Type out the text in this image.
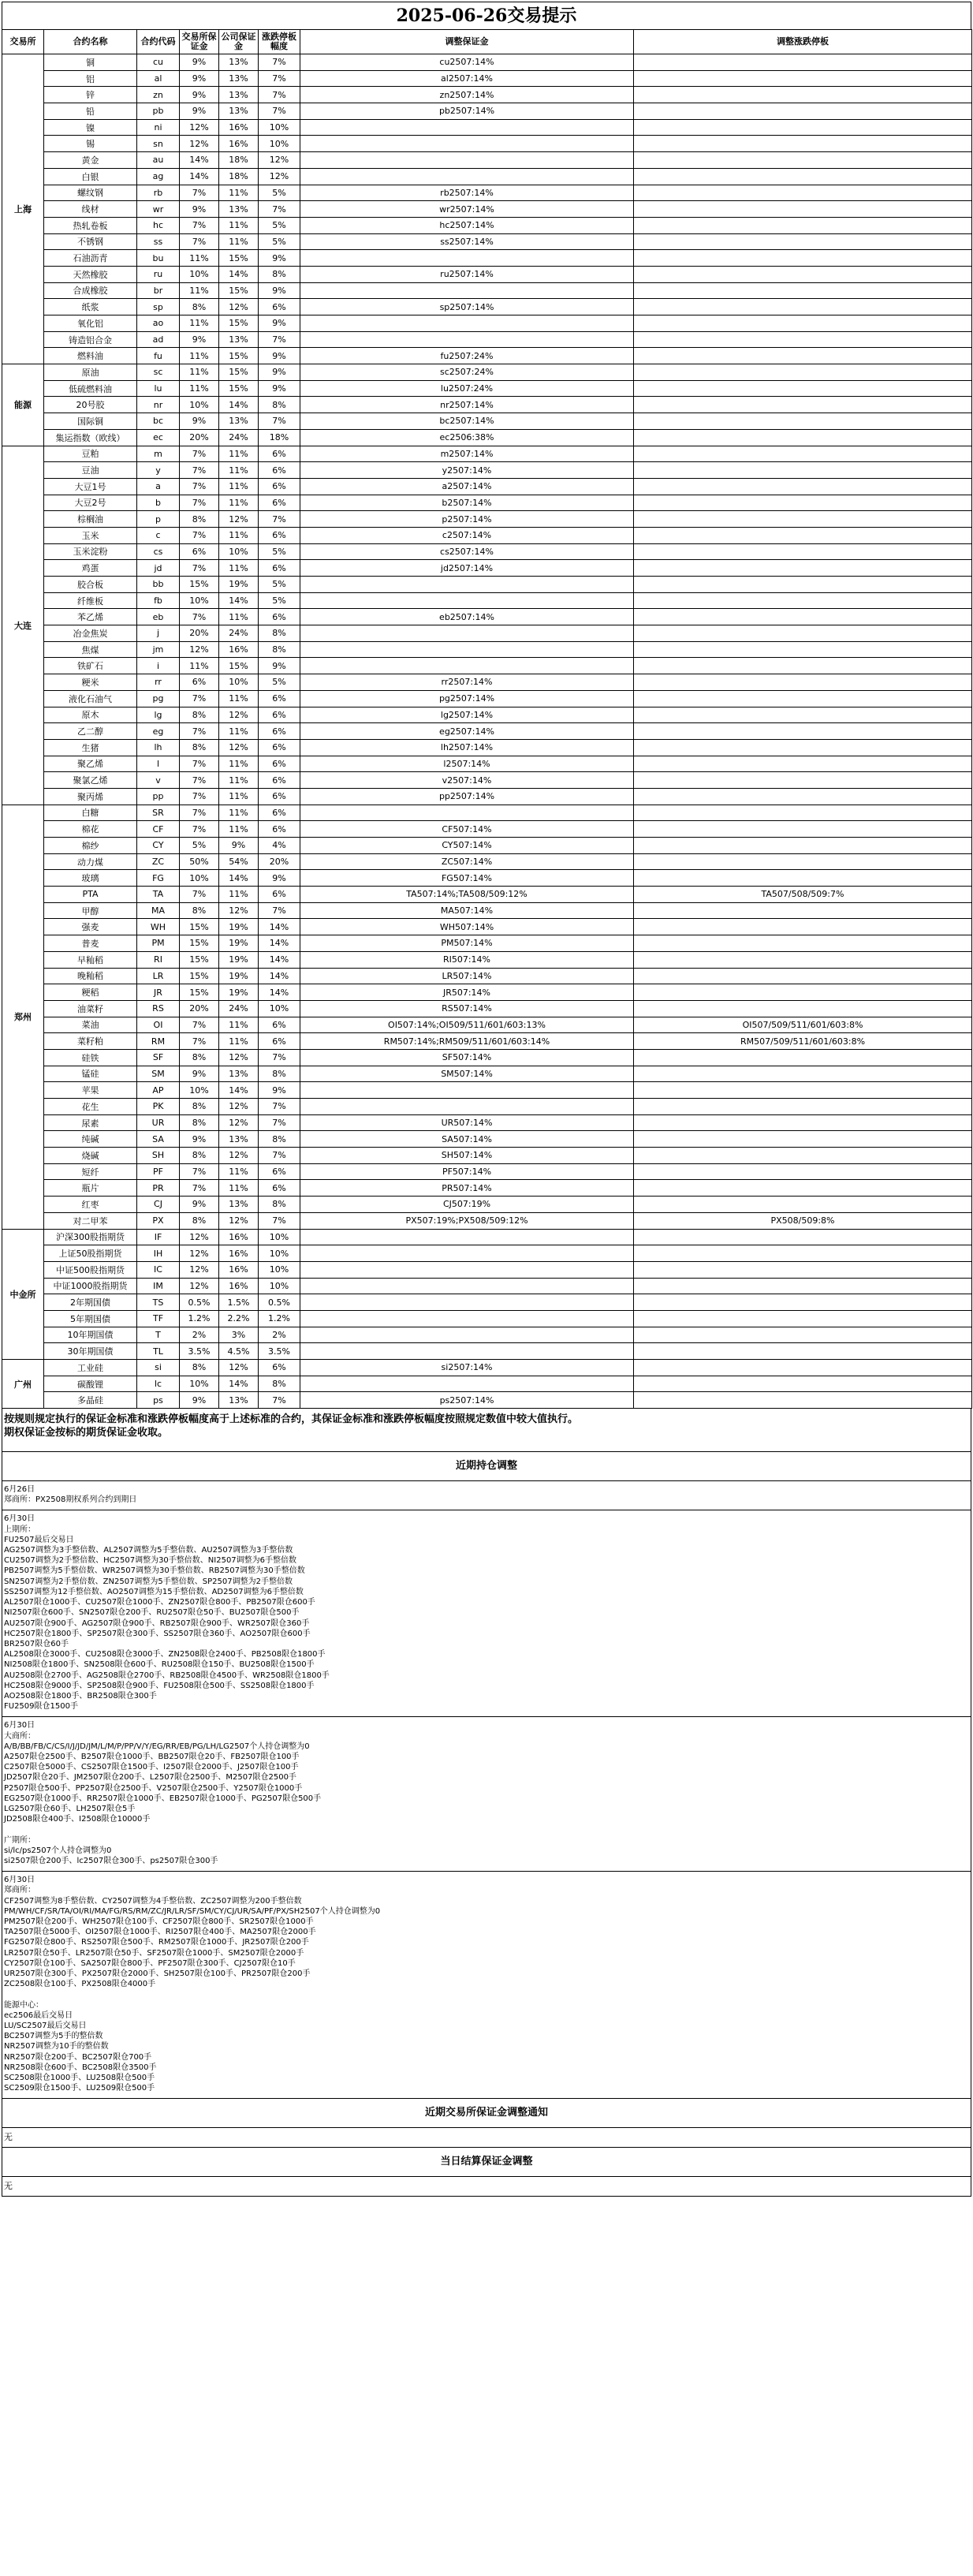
2025-06-26交易提示
交易所	合约名称	合约代码	交易所保证金	公司保证金	涨跌停板幅度	调整保证金	调整涨跌停板
上海	铜	cu	9%	13%	7%	cu2507:14%	
	铝	al	9%	13%	7%	al2507:14%	
	锌	zn	9%	13%	7%	zn2507:14%	
	铅	pb	9%	13%	7%	pb2507:14%	
	镍	ni	12%	16%	10%		
	锡	sn	12%	16%	10%		
	黄金	au	14%	18%	12%		
	白银	ag	14%	18%	12%		
	螺纹钢	rb	7%	11%	5%	rb2507:14%	
	线材	wr	9%	13%	7%	wr2507:14%	
	热轧卷板	hc	7%	11%	5%	hc2507:14%	
	不锈钢	ss	7%	11%	5%	ss2507:14%	
	石油沥青	bu	11%	15%	9%		
	天然橡胶	ru	10%	14%	8%	ru2507:14%	
	合成橡胶	br	11%	15%	9%		
	纸浆	sp	8%	12%	6%	sp2507:14%	
	氧化铝	ao	11%	15%	9%		
	铸造铝合金	ad	9%	13%	7%		
	燃料油	fu	11%	15%	9%	fu2507:24%	
能源	原油	sc	11%	15%	9%	sc2507:24%	
	低硫燃料油	lu	11%	15%	9%	lu2507:24%	
	20号胶	nr	10%	14%	8%	nr2507:14%	
	国际铜	bc	9%	13%	7%	bc2507:14%	
	集运指数（欧线）	ec	20%	24%	18%	ec2506:38%	
大连	豆粕	m	7%	11%	6%	m2507:14%	
	豆油	y	7%	11%	6%	y2507:14%	
	大豆1号	a	7%	11%	6%	a2507:14%	
	大豆2号	b	7%	11%	6%	b2507:14%	
	棕榈油	p	8%	12%	7%	p2507:14%	
	玉米	c	7%	11%	6%	c2507:14%	
	玉米淀粉	cs	6%	10%	5%	cs2507:14%	
	鸡蛋	jd	7%	11%	6%	jd2507:14%	
	胶合板	bb	15%	19%	5%		
	纤维板	fb	10%	14%	5%		
	苯乙烯	eb	7%	11%	6%	eb2507:14%	
	冶金焦炭	j	20%	24%	8%		
	焦煤	jm	12%	16%	8%		
	铁矿石	i	11%	15%	9%		
	粳米	rr	6%	10%	5%	rr2507:14%	
	液化石油气	pg	7%	11%	6%	pg2507:14%	
	原木	lg	8%	12%	6%	lg2507:14%	
	乙二醇	eg	7%	11%	6%	eg2507:14%	
	生猪	lh	8%	12%	6%	lh2507:14%	
	聚乙烯	l	7%	11%	6%	l2507:14%	
	聚氯乙烯	v	7%	11%	6%	v2507:14%	
	聚丙烯	pp	7%	11%	6%	pp2507:14%	
郑州	白糖	SR	7%	11%	6%		
	棉花	CF	7%	11%	6%	CF507:14%	
	棉纱	CY	5%	9%	4%	CY507:14%	
	动力煤	ZC	50%	54%	20%	ZC507:14%	
	玻璃	FG	10%	14%	9%	FG507:14%	
	PTA	TA	7%	11%	6%	TA507:14%;TA508/509:12%	TA507/508/509:7%
	甲醇	MA	8%	12%	7%	MA507:14%	
	强麦	WH	15%	19%	14%	WH507:14%	
	普麦	PM	15%	19%	14%	PM507:14%	
	早籼稻	RI	15%	19%	14%	RI507:14%	
	晚籼稻	LR	15%	19%	14%	LR507:14%	
	粳稻	JR	15%	19%	14%	JR507:14%	
	油菜籽	RS	20%	24%	10%	RS507:14%	
	菜油	OI	7%	11%	6%	OI507:14%;OI509/511/601/603:13%	OI507/509/511/601/603:8%
	菜籽粕	RM	7%	11%	6%	RM507:14%;RM509/511/601/603:14%	RM507/509/511/601/603:8%
	硅铁	SF	8%	12%	7%	SF507:14%	
	锰硅	SM	9%	13%	8%	SM507:14%	
	苹果	AP	10%	14%	9%		
	花生	PK	8%	12%	7%		
	尿素	UR	8%	12%	7%	UR507:14%	
	纯碱	SA	9%	13%	8%	SA507:14%	
	烧碱	SH	8%	12%	7%	SH507:14%	
	短纤	PF	7%	11%	6%	PF507:14%	
	瓶片	PR	7%	11%	6%	PR507:14%	
	红枣	CJ	9%	13%	8%	CJ507:19%	
	对二甲苯	PX	8%	12%	7%	PX507:19%;PX508/509:12%	PX508/509:8%
中金所	沪深300股指期货	IF	12%	16%	10%		
	上证50股指期货	IH	12%	16%	10%		
	中证500股指期货	IC	12%	16%	10%		
	中证1000股指期货	IM	12%	16%	10%		
	2年期国债	TS	0.5%	1.5%	0.5%		
	5年期国债	TF	1.2%	2.2%	1.2%		
	10年期国债	T	2%	3%	2%		
	30年期国债	TL	3.5%	4.5%	3.5%		
广州	工业硅	si	8%	12%	6%	si2507:14%	
	碳酸锂	lc	10%	14%	8%		
	多晶硅	ps	9%	13%	7%	ps2507:14%	
按规则规定执行的保证金标准和涨跌停板幅度高于上述标准的合约，其保证金标准和涨跌停板幅度按照规定数值中较大值执行。
期权保证金按标的期货保证金收取。
近期持仓调整
6月26日
郑商所：PX2508期权系列合约到期日
6月30日
上期所：
FU2507最后交易日
AG2507调整为3手整倍数、AL2507调整为5手整倍数、AU2507调整为3手整倍数
CU2507调整为2手整倍数、HC2507调整为30手整倍数、NI2507调整为6手整倍数
PB2507调整为5手整倍数、WR2507调整为30手整倍数、RB2507调整为30手整倍数
SN2507调整为2手整倍数、ZN2507调整为5手整倍数、SP2507调整为2手整倍数
SS2507调整为12手整倍数、AO2507调整为15手整倍数、AD2507调整为6手整倍数
AL2507限仓1000手、CU2507限仓1000手、ZN2507限仓800手、PB2507限仓600手
NI2507限仓600手、SN2507限仓200手、RU2507限仓50手、BU2507限仓500手
AU2507限仓900手、AG2507限仓900手、RB2507限仓900手、WR2507限仓360手
HC2507限仓1800手、SP2507限仓300手、SS2507限仓360手、AO2507限仓600手
BR2507限仓60手
AL2508限仓3000手、CU2508限仓3000手、ZN2508限仓2400手、PB2508限仓1800手
NI2508限仓1800手、SN2508限仓600手、RU2508限仓150手、BU2508限仓1500手
AU2508限仓2700手、AG2508限仓2700手、RB2508限仓4500手、WR2508限仓1800手
HC2508限仓9000手、SP2508限仓900手、FU2508限仓500手、SS2508限仓1800手
AO2508限仓1800手、BR2508限仓300手
FU2509限仓1500手
6月30日
大商所：
A/B/BB/FB/C/CS/I/J/JD/JM/L/M/P/PP/V/Y/EG/RR/EB/PG/LH/LG2507个人持仓调整为0
A2507限仓2500手、B2507限仓1000手、BB2507限仓20手、FB2507限仓100手
C2507限仓5000手、CS2507限仓1500手、I2507限仓2000手、J2507限仓100手
JD2507限仓20手、JM2507限仓200手、L2507限仓2500手、M2507限仓2500手
P2507限仓500手、PP2507限仓2500手、V2507限仓2500手、Y2507限仓1000手
EG2507限仓1000手、RR2507限仓1000手、EB2507限仓1000手、PG2507限仓500手
LG2507限仓60手、LH2507限仓5手
JD2508限仓400手、I2508限仓10000手

广期所：
si/lc/ps2507个人持仓调整为0
si2507限仓200手、lc2507限仓300手、ps2507限仓300手
6月30日
郑商所：
CF2507调整为8手整倍数、CY2507调整为4手整倍数、ZC2507调整为200手整倍数
PM/WH/CF/SR/TA/OI/RI/MA/FG/RS/RM/ZC/JR/LR/SF/SM/CY/CJ/UR/SA/PF/PX/SH2507个人持仓调整为0
PM2507限仓200手、WH2507限仓100手、CF2507限仓800手、SR2507限仓1000手
TA2507限仓5000手、OI2507限仓1000手、RI2507限仓400手、MA2507限仓2000手
FG2507限仓800手、RS2507限仓500手、RM2507限仓1000手、JR2507限仓200手
LR2507限仓50手、LR2507限仓50手、SF2507限仓1000手、SM2507限仓2000手
CY2507限仓100手、SA2507限仓800手、PF2507限仓300手、CJ2507限仓10手
UR2507限仓300手、PX2507限仓2000手、SH2507限仓100手、PR2507限仓200手
ZC2508限仓100手、PX2508限仓4000手

能源中心：
ec2506最后交易日
LU/SC2507最后交易日
BC2507调整为5手的整倍数
NR2507调整为10手的整倍数
NR2507限仓200手、BC2507限仓700手
NR2508限仓600手、BC2508限仓3500手
SC2508限仓1000手、LU2508限仓500手
SC2509限仓1500手、LU2509限仓500手
近期交易所保证金调整通知
无
当日结算保证金调整
无
